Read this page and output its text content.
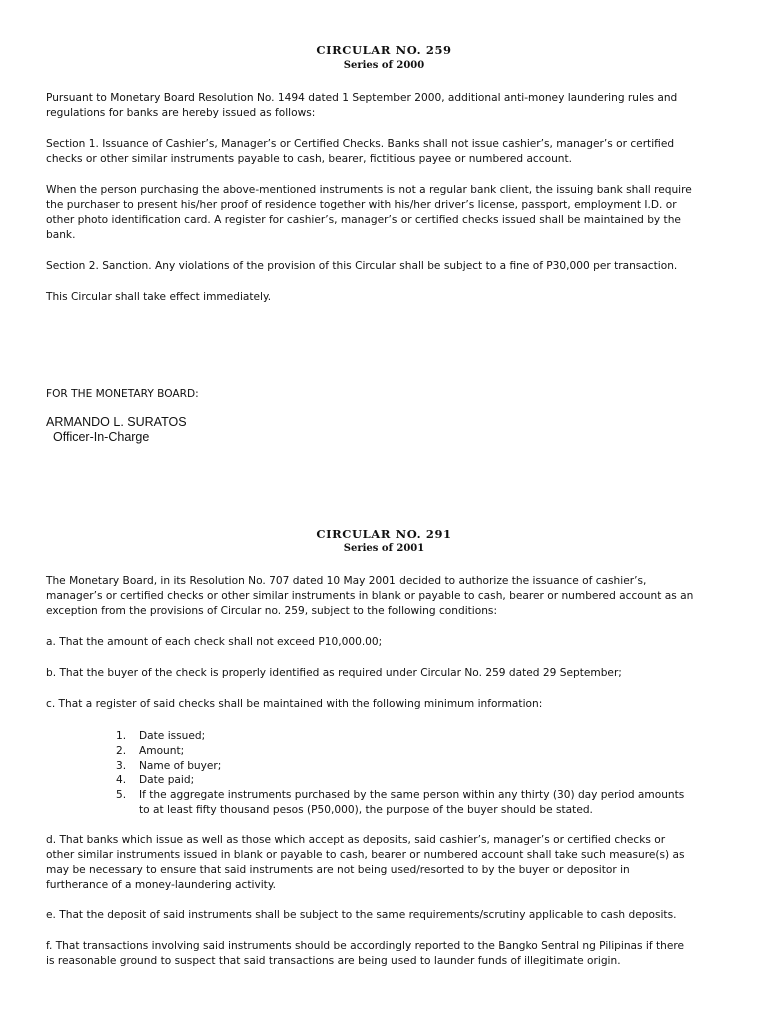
CIRCULAR NO. 259
Series of 2000
Pursuant to Monetary Board Resolution No. 1494 dated 1 September 2000, additional anti-money laundering rules and
regulations for banks are hereby issued as follows:
Section 1. Issuance of Cashier’s, Manager’s or Certified Checks. Banks shall not issue cashier’s, manager’s or certified
checks or other similar instruments payable to cash, bearer, fictitious payee or numbered account.
When the person purchasing the above-mentioned instruments is not a regular bank client, the issuing bank shall require
the purchaser to present his/her proof of residence together with his/her driver’s license, passport, employment I.D. or
other photo identification card. A register for cashier’s, manager’s or certified checks issued shall be maintained by the
bank.
Section 2. Sanction. Any violations of the provision of this Circular shall be subject to a fine of P30,000 per transaction.
This Circular shall take effect immediately.
FOR THE MONETARY BOARD:
ARMANDO L. SURATOS
Officer-In-Charge
CIRCULAR NO. 291
Series of 2001
The Monetary Board, in its Resolution No. 707 dated 10 May 2001 decided to authorize the issuance of cashier’s,
manager’s or certified checks or other similar instruments in blank or payable to cash, bearer or numbered account as an
exception from the provisions of Circular no. 259, subject to the following conditions:
a. That the amount of each check shall not exceed P10,000.00;
b. That the buyer of the check is properly identified as required under Circular No. 259 dated 29 September;
c. That a register of said checks shall be maintained with the following minimum information:
1. Date issued;
2. Amount;
3. Name of buyer;
4. Date paid;
5. If the aggregate instruments purchased by the same person within any thirty (30) day period amounts
to at least fifty thousand pesos (P50,000), the purpose of the buyer should be stated.
d. That banks which issue as well as those which accept as deposits, said cashier’s, manager’s or certified checks or
other similar instruments issued in blank or payable to cash, bearer or numbered account shall take such measure(s) as
may be necessary to ensure that said instruments are not being used/resorted to by the buyer or depositor in
furtherance of a money-laundering activity.
e. That the deposit of said instruments shall be subject to the same requirements/scrutiny applicable to cash deposits.
f. That transactions involving said instruments should be accordingly reported to the Bangko Sentral ng Pilipinas if there
is reasonable ground to suspect that said transactions are being used to launder funds of illegitimate origin.
